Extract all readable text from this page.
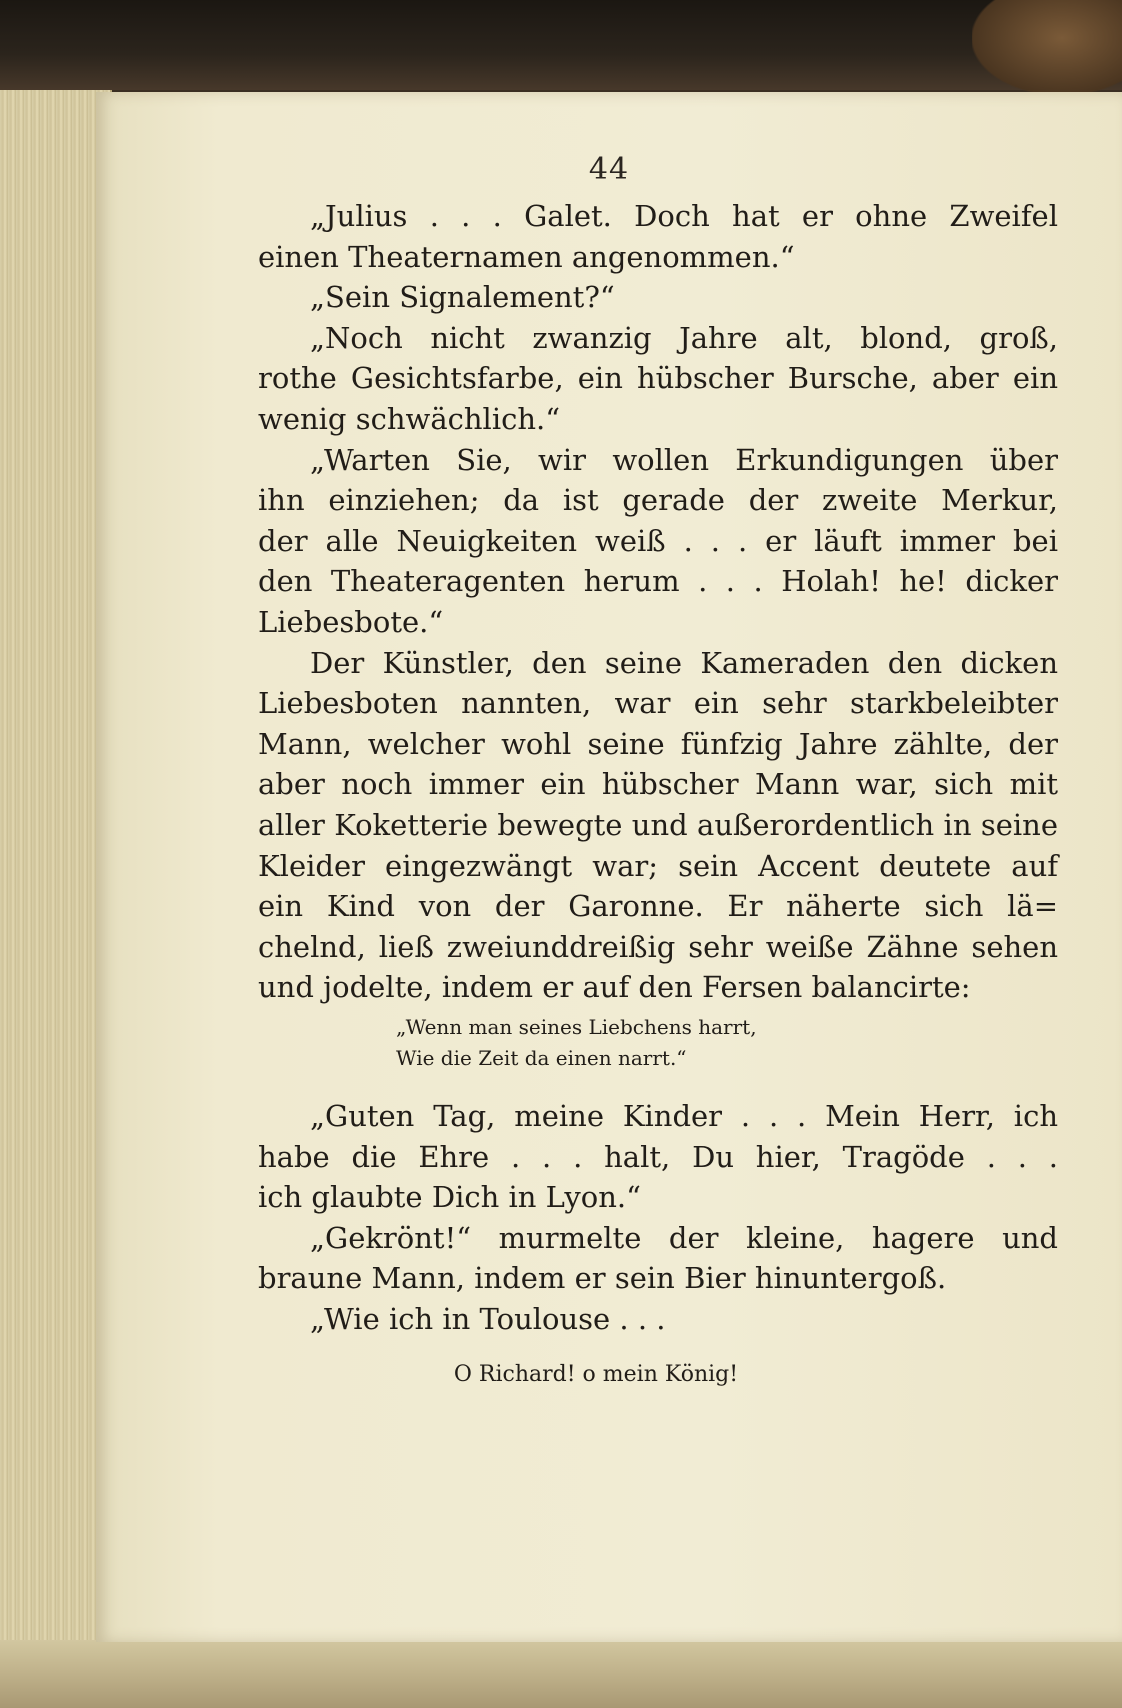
44
„Julius . . . Galet. Doch hat er ohne Zweifel
einen Theaternamen angenommen.“
„Sein Signalement?“
„Noch nicht zwanzig Jahre alt, blond, groß,
rothe Gesichtsfarbe, ein hübscher Bursche, aber ein
wenig schwächlich.“
„Warten Sie, wir wollen Erkundigungen über
ihn einziehen; da ist gerade der zweite Merkur,
der alle Neuigkeiten weiß . . . er läuft immer bei
den Theateragenten herum . . . Holah! he! dicker
Liebesbote.“
Der Künstler, den seine Kameraden den dicken
Liebesboten nannten, war ein sehr starkbeleibter
Mann, welcher wohl seine fünfzig Jahre zählte, der
aber noch immer ein hübscher Mann war, sich mit
aller Koketterie bewegte und außerordentlich in seine
Kleider eingezwängt war; sein Accent deutete auf
ein Kind von der Garonne. Er näherte sich lä=
chelnd, ließ zweiunddreißig sehr weiße Zähne sehen
und jodelte, indem er auf den Fersen balancirte:
„Wenn man seines Liebchens harrt,
Wie die Zeit da einen narrt.“
„Guten Tag, meine Kinder . . . Mein Herr, ich
habe die Ehre . . . halt, Du hier, Tragöde . . .
ich glaubte Dich in Lyon.“
„Gekrönt!“ murmelte der kleine, hagere und
braune Mann, indem er sein Bier hinuntergoß.
„Wie ich in Toulouse . . .
O Richard! o mein König!
